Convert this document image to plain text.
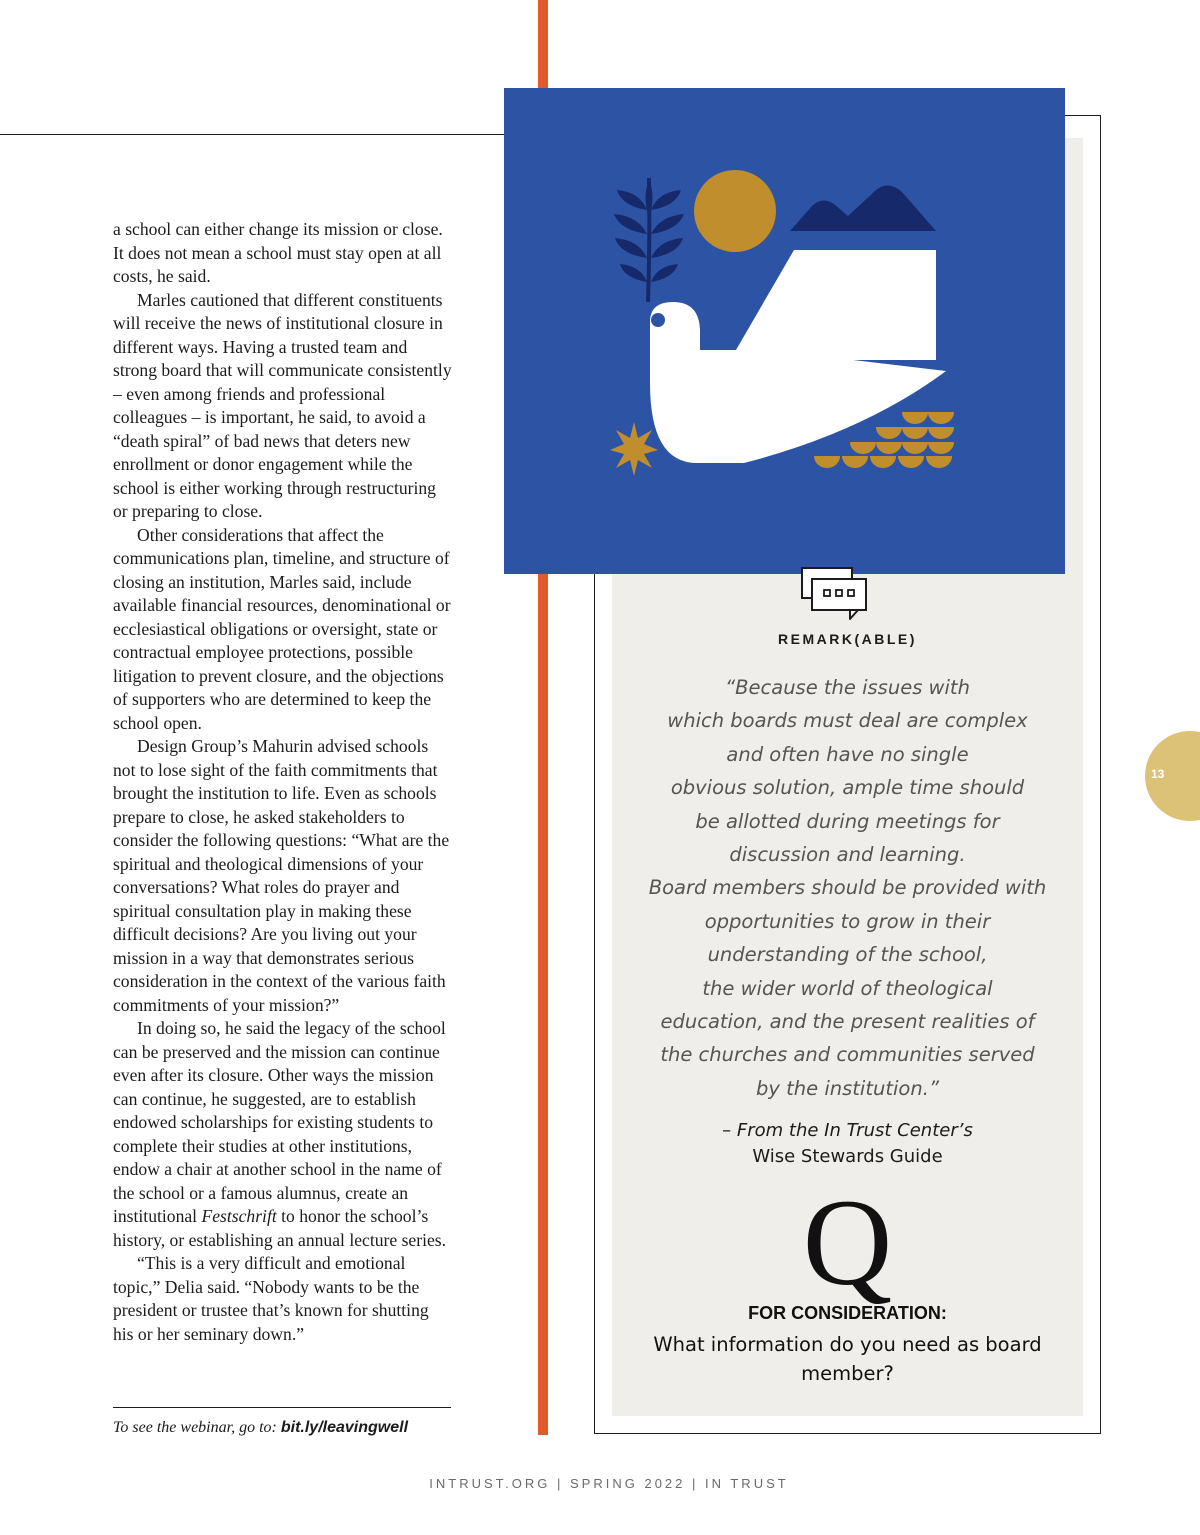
a school can either change its mission or close. It does not mean a school must stay open at all costs, he said.

Marles cautioned that different constituents will receive the news of institutional closure in different ways. Having a trusted team and strong board that will communicate consistently – even among friends and professional colleagues – is important, he said, to avoid a “death spiral” of bad news that deters new enrollment or donor engagement while the school is either working through restructuring or preparing to close.

Other considerations that affect the communications plan, timeline, and structure of closing an institution, Marles said, include available financial resources, denominational or ecclesiastical obligations or oversight, state or contractual employee protections, possible litigation to prevent closure, and the objections of supporters who are determined to keep the school open.

Design Group’s Mahurin advised schools not to lose sight of the faith commitments that brought the institution to life. Even as schools prepare to close, he asked stakeholders to consider the following questions: “What are the spiritual and theological dimensions of your conversations? What roles do prayer and spiritual consultation play in making these difficult decisions? Are you living out your mission in a way that demonstrates serious consideration in the context of the various faith commitments of your mission?”

In doing so, he said the legacy of the school can be preserved and the mission can continue even after its closure. Other ways the mission can continue, he suggested, are to establish endowed scholarships for existing students to complete their studies at other institutions, endow a chair at another school in the name of the school or a famous alumnus, create an institutional Festschrift to honor the school’s history, or establishing an annual lecture series.

“This is a very difficult and emotional topic,” Delia said. “Nobody wants to be the president or trustee that’s known for shutting his or her seminary down.”

To see the webinar, go to: bit.ly/leavingwell
REMARK(ABLE)
“Because the issues with
which boards must deal are complex
and often have no single
obvious solution, ample time should
be allotted during meetings for
discussion and learning.
Board members should be provided with
opportunities to grow in their
understanding of the school,
the wider world of theological
education, and the present realities of
the churches and communities served
by the institution.”
– From the In Trust Center’s
Wise Stewards Guide
Q
FOR CONSIDERATION:
What information do you need as board member?
13
INTRUST.ORG | SPRING 2022 | IN TRUST
